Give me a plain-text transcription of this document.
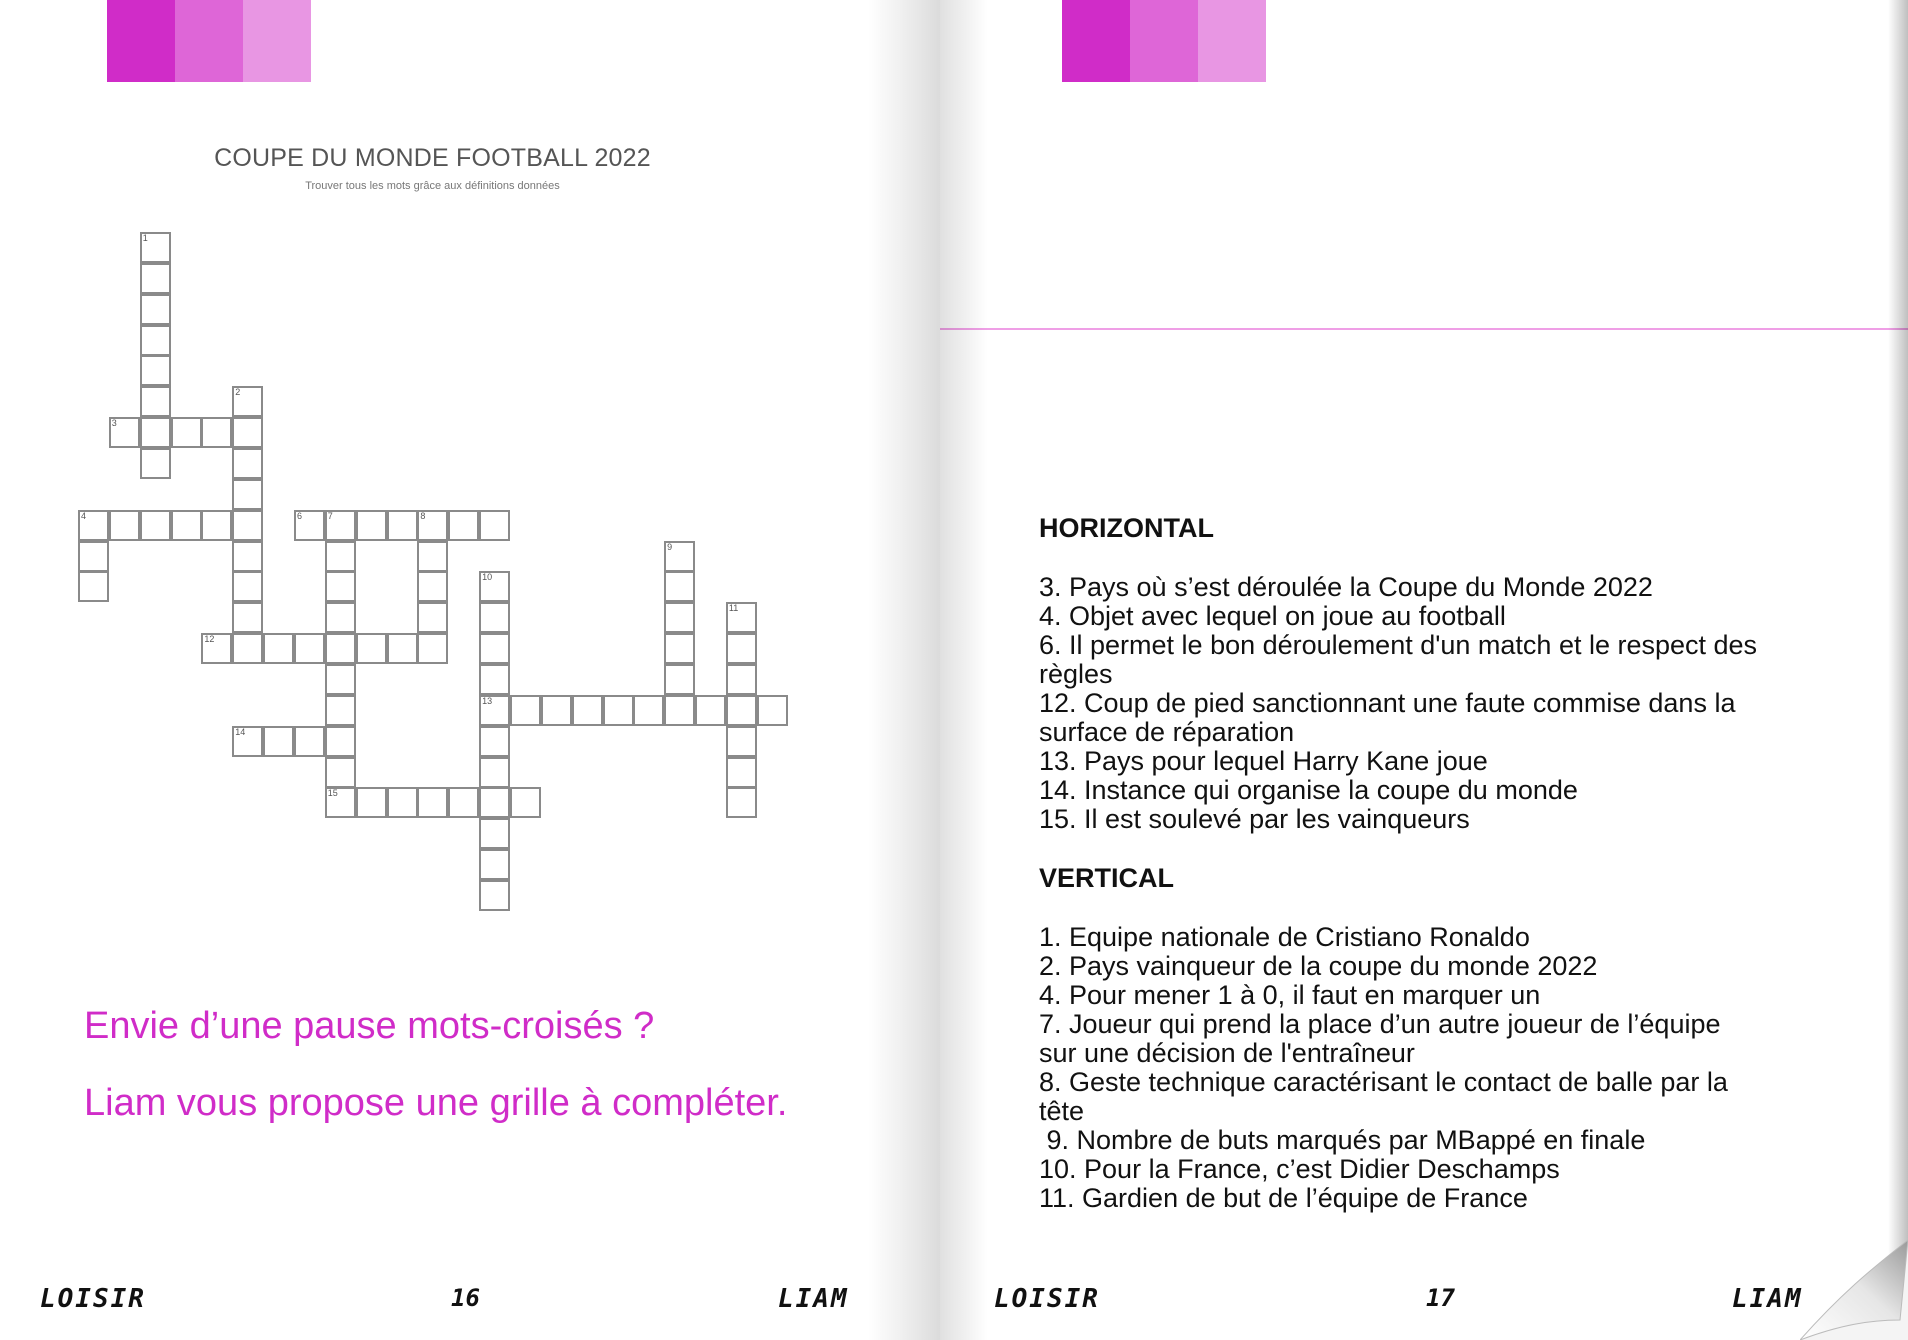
COUPE DU MONDE FOOTBALL 2022
Trouver tous les mots grâce aux définitions données
1
2
3
4	6	7	8
9
10
13
11
12
14
15
Envie d’une pause mots-croisés ?
Liam vous propose une grille à compléter.
LOISIR	16	LIAM
HORIZONTAL
3. Pays où s’est déroulée la Coupe du Monde 2022
4. Objet avec lequel on joue au football
6. Il permet le bon déroulement d'un match et le respect des
règles
12. Coup de pied sanctionnant une faute commise dans la
surface de réparation
13. Pays pour lequel Harry Kane joue
14. Instance qui organise la coupe du monde
15. Il est soulevé par les vainqueurs
VERTICAL
1. Equipe nationale de Cristiano Ronaldo
2. Pays vainqueur de la coupe du monde 2022
4. Pour mener 1 à 0, il faut en marquer un
7. Joueur qui prend la place d’un autre joueur de l’équipe
sur une décision de l'entraîneur
8. Geste technique caractérisant le contact de balle par la
tête
9. Nombre de buts marqués par MBappé en finale
10. Pour la France, c’est Didier Deschamps
11. Gardien de but de l’équipe de France
LOISIR	17	LIAM
